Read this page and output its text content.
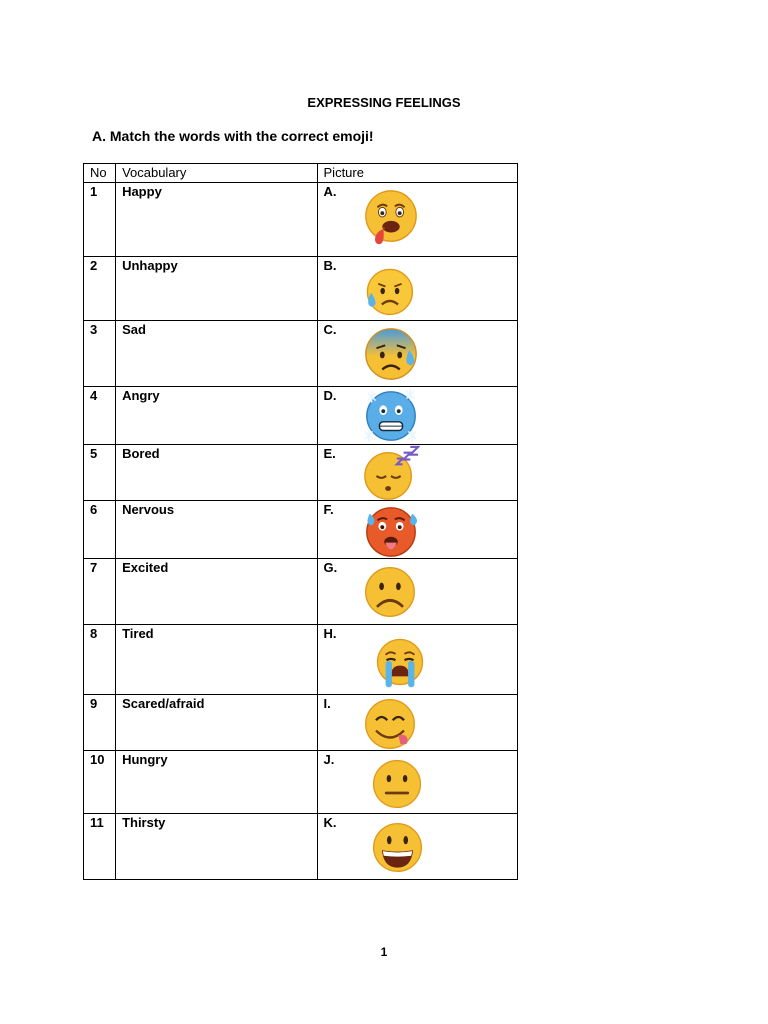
EXPRESSING FEELINGS
A. Match the words with the correct emoji!
No	Vocabulary	Picture
1	Happy	A.

2	Unhappy	B.

3	Sad	C.

4	Angry	D.

5	Bored	E.

6	Nervous	F.

7	Excited	G.

8	Tired	H.

9	Scared/afraid	I.

10	Hungry	J.

11	Thirsty	K.
1
